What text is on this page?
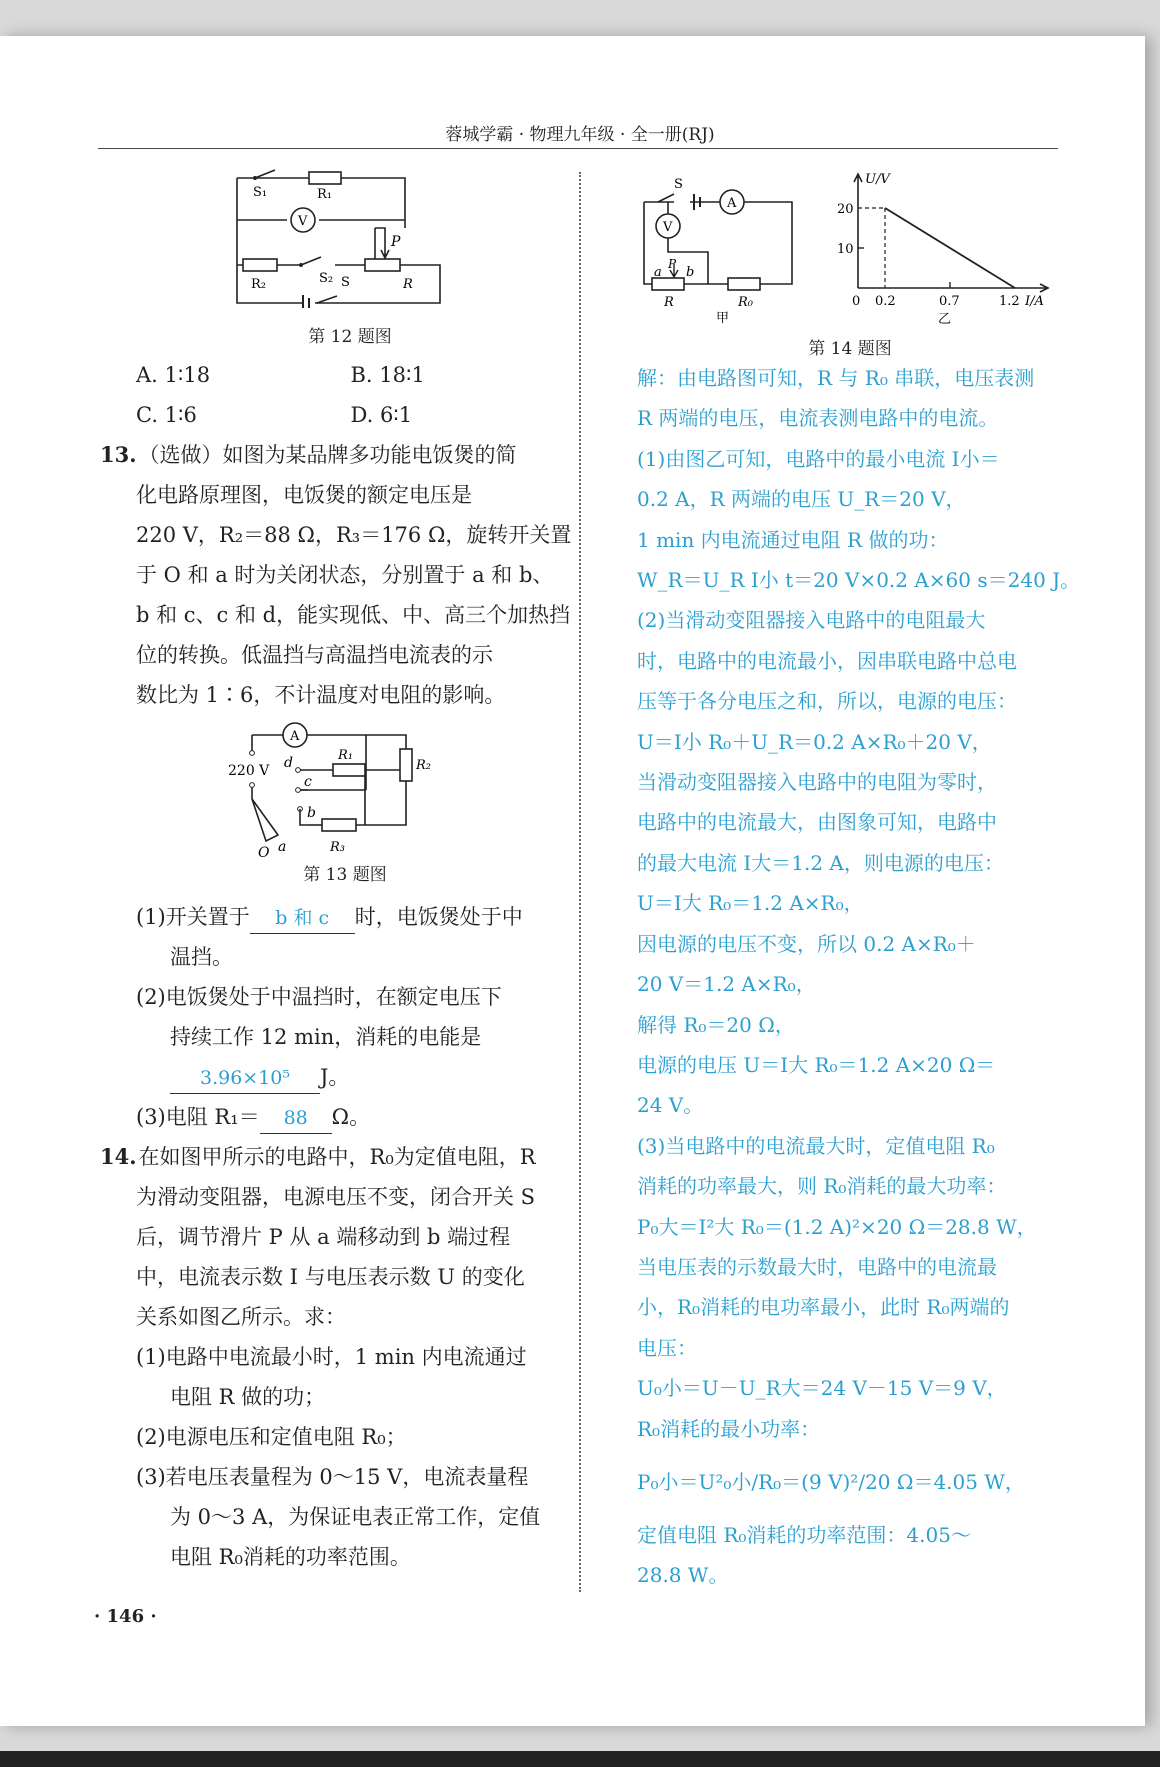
蓉城学霸 · 物理九年级 · 全一册(RJ)
S₁	R₁
V
P
R₂	S₂ S	R
第 12 题图
S
A
V
a
P
b
R	R₀
甲
U/V
I/A
20
10
0 0.2	0.7	1.2
乙
第 14 题图
A. 1∶18	B. 18∶1
C. 1∶6	D. 6∶1
13.（选做）如图为某品牌多功能电饭煲的简
化电路原理图，电饭煲的额定电压是
220 V，R₂＝88 Ω，R₃＝176 Ω，旋转开关置
于 O 和 a 时为关闭状态，分别置于 a 和 b、
b 和 c、c 和 d，能实现低、中、高三个加热挡
位的转换。低温挡与高温挡电流表的示
数比为 1∶6，不计温度对电阻的影响。
A
220 V d	R₁
R₂
c
b
O a	R₃
第 13 题图
(1)开关置于 b 和 c 时，电饭煲处于中
温挡。
(2)电饭煲处于中温挡时，在额定电压下
持续工作 12 min，消耗的电能是
3.96×10⁵ J。
(3)电阻 R₁＝ 88 Ω。
14.在如图甲所示的电路中，R₀为定值电阻，R
为滑动变阻器，电源电压不变，闭合开关 S
后，调节滑片 P 从 a 端移动到 b 端过程
中，电流表示数 I 与电压表示数 U 的变化
关系如图乙所示。求：
(1)电路中电流最小时，1 min 内电流通过
电阻 R 做的功；
(2)电源电压和定值电阻 R₀；
(3)若电压表量程为 0～15 V，电流表量程
为 0～3 A，为保证电表正常工作，定值
电阻 R₀消耗的功率范围。
解：由电路图可知，R 与 R₀ 串联，电压表测
R 两端的电压，电流表测电路中的电流。
(1)由图乙可知，电路中的最小电流 I小＝
0.2 A，R 两端的电压 U_R＝20 V，
1 min 内电流通过电阻 R 做的功：
W_R＝U_R I小 t＝20 V×0.2 A×60 s＝240 J。
(2)当滑动变阻器接入电路中的电阻最大
时，电路中的电流最小，因串联电路中总电
压等于各分电压之和，所以，电源的电压：
U＝I小 R₀＋U_R＝0.2 A×R₀＋20 V，
当滑动变阻器接入电路中的电阻为零时，
电路中的电流最大，由图象可知，电路中
的最大电流 I大＝1.2 A，则电源的电压：
U＝I大 R₀＝1.2 A×R₀，
因电源的电压不变，所以 0.2 A×R₀＋
20 V＝1.2 A×R₀，
解得 R₀＝20 Ω，
电源的电压 U＝I大 R₀＝1.2 A×20 Ω＝
24 V。
(3)当电路中的电流最大时，定值电阻 R₀
消耗的功率最大，则 R₀消耗的最大功率：
P₀大＝I²大 R₀＝(1.2 A)²×20 Ω＝28.8 W，
当电压表的示数最大时，电路中的电流最
小，R₀消耗的电功率最小，此时 R₀两端的
电压：
U₀小＝U－U_R大＝24 V－15 V＝9 V，
R₀消耗的最小功率：
P₀小＝U²₀小/R₀＝(9 V)²/20 Ω＝4.05 W，
定值电阻 R₀消耗的功率范围：4.05～
28.8 W。
· 146 ·
